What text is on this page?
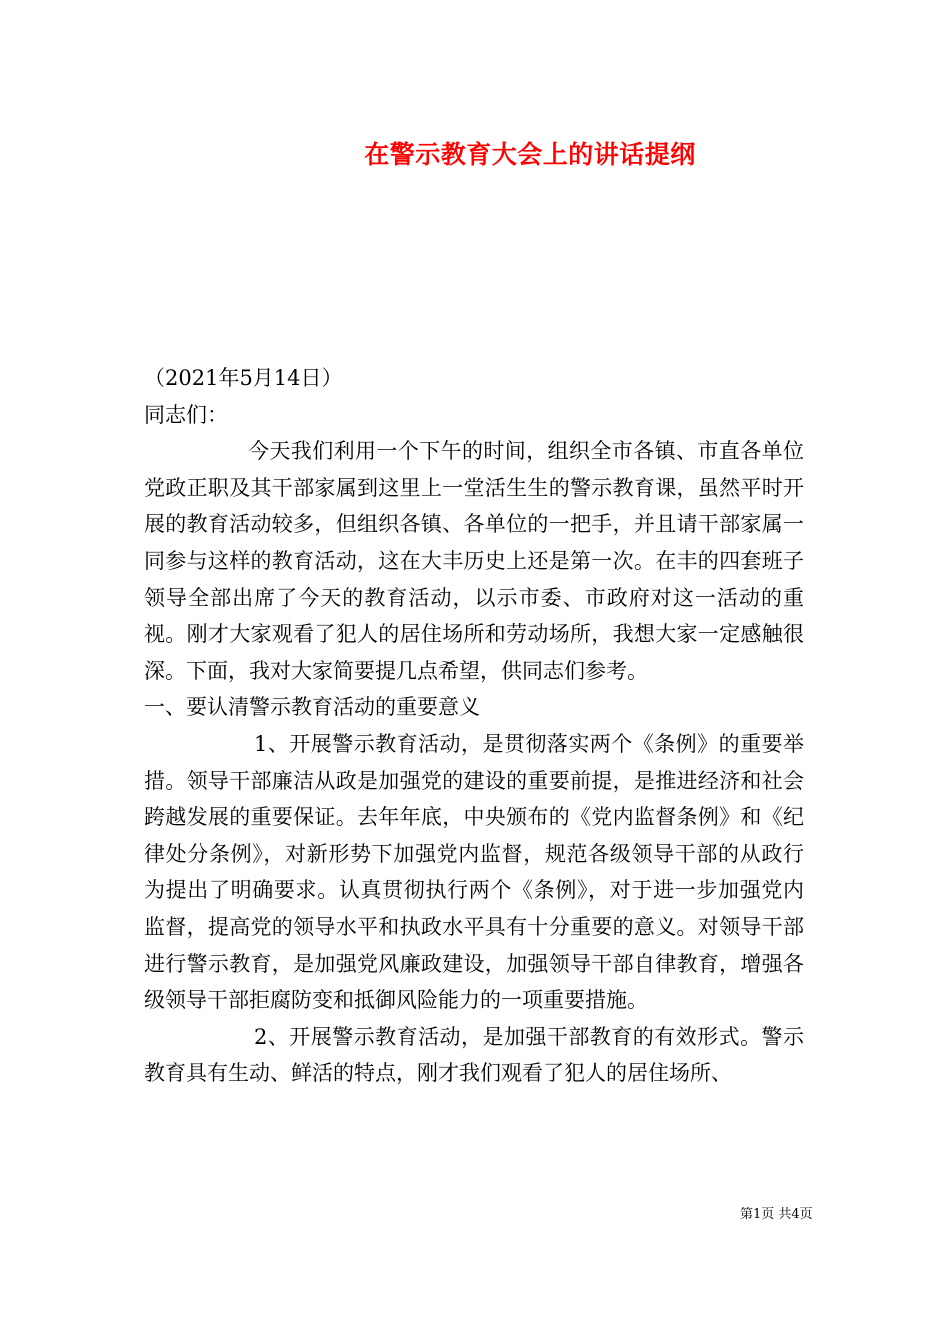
在警示教育大会上的讲话提纲

（2021年5月14日）

同志们：

今天我们利用一个下午的时间，组织全市各镇、市直各单位党政正职及其干部家属到这里上一堂活生生的警示教育课，虽然平时开展的教育活动较多，但组织各镇、各单位的一把手，并且请干部家属一同参与这样的教育活动，这在大丰历史上还是第一次。在丰的四套班子领导全部出席了今天的教育活动，以示市委、市政府对这一活动的重视。刚才大家观看了犯人的居住场所和劳动场所，我想大家一定感触很深。下面，我对大家简要提几点希望，供同志们参考。

一、要认清警示教育活动的重要意义

1、开展警示教育活动，是贯彻落实两个《条例》的重要举措。领导干部廉洁从政是加强党的建设的重要前提，是推进经济和社会跨越发展的重要保证。去年年底，中央颁布的《党内监督条例》和《纪律处分条例》，对新形势下加强党内监督，规范各级领导干部的从政行为提出了明确要求。认真贯彻执行两个《条例》，对于进一步加强党内监督，提高党的领导水平和执政水平具有十分重要的意义。对领导干部进行警示教育，是加强党风廉政建设，加强领导干部自律教育，增强各级领导干部拒腐防变和抵御风险能力的一项重要措施。

2、开展警示教育活动，是加强干部教育的有效形式。警示教育具有生动、鲜活的特点，刚才我们观看了犯人的居住场所、

第1页 共4页
